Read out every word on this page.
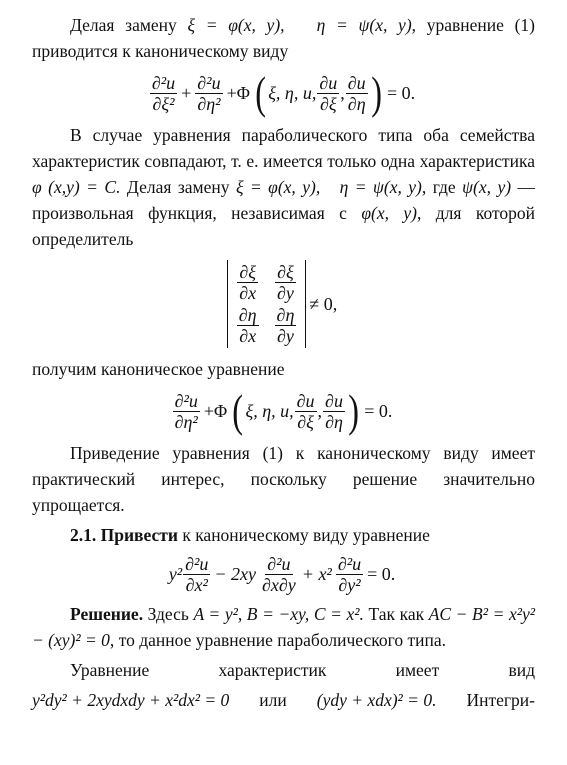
Делая замену ξ = φ(x, y), η = ψ(x, y), уравнение (1) приводится к каноническому виду

$\frac{\text{∂²u}}{\text{∂ξ²}} + \frac{\text{∂²u}}{\text{∂η²}} +\Phi$ ( ξ, η, u, $\frac{\partial u}{\partial\xi}$ , $\frac{\partial u}{\partial\eta}$ ) = 0.

В случае уравнения параболического типа оба семейства характеристик совпадают, т. е. имеется только одна характеристика φ (x,y) = С. Делая замену ξ = φ(x, y), η = ψ(x, y), где ψ(x, y) — произвольная функция, независимая с φ(x, y), для которой определитель

$\frac{\partial\xi}{\partial x} \frac{\partial\xi}{\partial y}$
$\frac{\partial\eta}{\partial x} \frac{\partial\eta}{\partial y}$
≠ 0,

получим каноническое уравнение

$\frac{\text{∂²u}}{\text{∂η²}} +\Phi$ ( ξ, η, u, $\frac{\partial u}{\partial\xi}$ , $\frac{\partial u}{\partial\eta}$ ) = 0.

Приведение уравнения (1) к каноническому виду имеет практический интерес, поскольку решение значительно упрощается.

2.1. Привести к каноническому виду уравнение

$y^2 \frac{\text{∂²u}}{\text{∂x²}} - 2xy \frac{\text{∂²u}}{\partial x\partial y} + x^2 \frac{\text{∂²u}}{\text{∂y²}} = 0$.

Решение. Здесь A = y², B = −xy, C = x². Так как AC − B² = x²y² − (xy)² = 0, то данное уравнение параболического типа.

Уравнение	характеристик	имеет	вид

y²dy² + 2xydxdy + x²dx² = 0 или (ydy + xdx)² = 0. Интегри-
